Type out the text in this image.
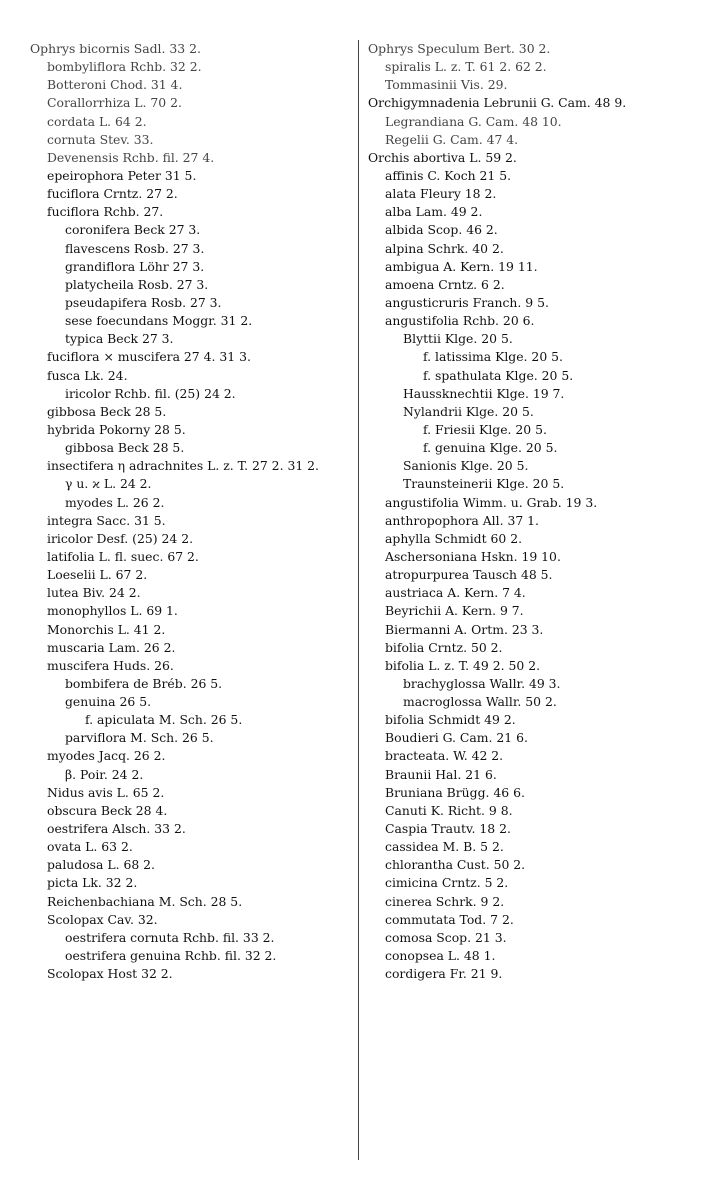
Ophrys bicornis Sadl. 33 2.
bombyliflora Rchb. 32 2.
Botteroni Chod. 31 4.
Corallorrhiza L. 70 2.
cordata L. 64 2.
cornuta Stev. 33.
Devenensis Rchb. fil. 27 4.
epeirophora Peter 31 5.
fuciflora Crntz. 27 2.
fuciflora Rchb. 27.
coronifera Beck 27 3.
flavescens Rosb. 27 3.
grandiflora Löhr 27 3.
platycheila Rosb. 27 3.
pseudapifera Rosb. 27 3.
sese foecundans Moggr. 31 2.
typica Beck 27 3.
fuciflora × muscifera 27 4. 31 3.
fusca Lk. 24.
iricolor Rchb. fil. (25) 24 2.
gibbosa Beck 28 5.
hybrida Pokorny 28 5.
gibbosa Beck 28 5.
insectifera η adrachnites L. z. T. 27 2. 31 2.
γ u. ϰ L. 24 2.
myodes L. 26 2.
integra Sacc. 31 5.
iricolor Desf. (25) 24 2.
latifolia L. fl. suec. 67 2.
Loeselii L. 67 2.
lutea Biv. 24 2.
monophyllos L. 69 1.
Monorchis L. 41 2.
muscaria Lam. 26 2.
muscifera Huds. 26.
bombifera de Bréb. 26 5.
genuina 26 5.
f. apiculata M. Sch. 26 5.
parviflora M. Sch. 26 5.
myodes Jacq. 26 2.
β. Poir. 24 2.
Nidus avis L. 65 2.
obscura Beck 28 4.
oestrifera Alsch. 33 2.
ovata L. 63 2.
paludosa L. 68 2.
picta Lk. 32 2.
Reichenbachiana M. Sch. 28 5.
Scolopax Cav. 32.
oestrifera cornuta Rchb. fil. 33 2.
oestrifera genuina Rchb. fil. 32 2.
Scolopax Host 32 2.
Ophrys Speculum Bert. 30 2.
spiralis L. z. T. 61 2. 62 2.
Tommasinii Vis. 29.
Orchigymnadenia Lebrunii G. Cam. 48 9.
Legrandiana G. Cam. 48 10.
Regelii G. Cam. 47 4.
Orchis abortiva L. 59 2.
affinis C. Koch 21 5.
alata Fleury 18 2.
alba Lam. 49 2.
albida Scop. 46 2.
alpina Schrk. 40 2.
ambigua A. Kern. 19 11.
amoena Crntz. 6 2.
angusticruris Franch. 9 5.
angustifolia Rchb. 20 6.
Blyttii Klge. 20 5.
f. latissima Klge. 20 5.
f. spathulata Klge. 20 5.
Haussknechtii Klge. 19 7.
Nylandrii Klge. 20 5.
f. Friesii Klge. 20 5.
f. genuina Klge. 20 5.
Sanionis Klge. 20 5.
Traunsteinerii Klge. 20 5.
angustifolia Wimm. u. Grab. 19 3.
anthropophora All. 37 1.
aphylla Schmidt 60 2.
Aschersoniana Hskn. 19 10.
atropurpurea Tausch 48 5.
austriaca A. Kern. 7 4.
Beyrichii A. Kern. 9 7.
Biermanni A. Ortm. 23 3.
bifolia Crntz. 50 2.
bifolia L. z. T. 49 2. 50 2.
brachyglossa Wallr. 49 3.
macroglossa Wallr. 50 2.
bifolia Schmidt 49 2.
Boudieri G. Cam. 21 6.
bracteata. W. 42 2.
Braunii Hal. 21 6.
Bruniana Brügg. 46 6.
Canuti K. Richt. 9 8.
Caspia Trautv. 18 2.
cassidea M. B. 5 2.
chlorantha Cust. 50 2.
cimicina Crntz. 5 2.
cinerea Schrk. 9 2.
commutata Tod. 7 2.
comosa Scop. 21 3.
conopsea L. 48 1.
cordigera Fr. 21 9.
